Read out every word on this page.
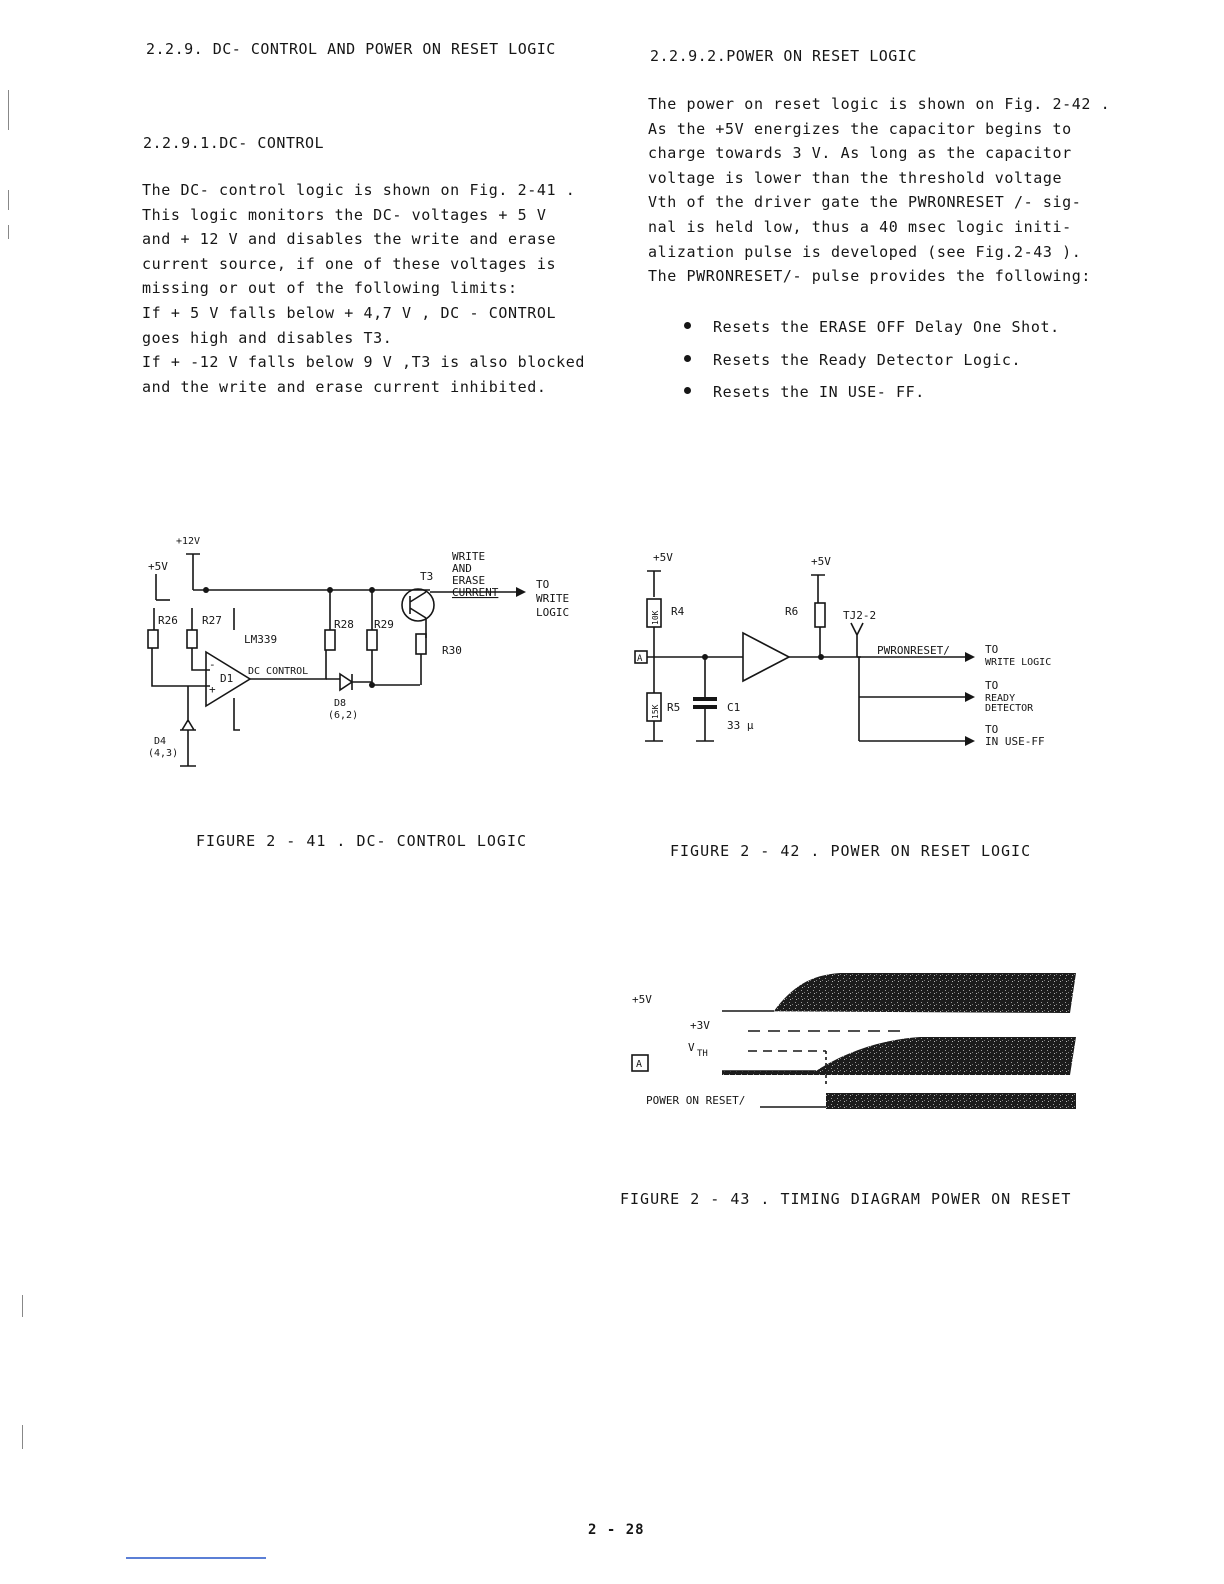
2.2.9. DC- CONTROL AND POWER ON RESET LOGIC
2.2.9.1.DC- CONTROL

The DC- control logic is shown on Fig. 2-41 .

This logic monitors the DC- voltages + 5 V

and + 12 V and disables the write and erase

current source, if one of these voltages is

missing or out of the following limits:

If + 5 V falls below + 4,7 V , DC - CONTROL

goes high and disables T3.

If + -12 V falls below 9 V ,T3 is also blocked

and the write and erase current inhibited.

2.2.9.2.POWER ON RESET LOGIC

The power on reset logic is shown on Fig. 2-42 .

As the +5V energizes the capacitor begins to

charge towards 3 V. As long as the capacitor

voltage is lower than the threshold voltage

Vth of the driver gate the PWRONRESET /- sig-

nal is held low, thus a 40 msec logic initi-

alization pulse is developed (see Fig.2-43 ).

The PWRONRESET/- pulse provides the following:

Resets the ERASE OFF Delay One Shot.
Resets the Ready Detector Logic.
Resets the IN USE- FF.
+12V
+5V
R26 R27
LM339
-
+
D1
DC CONTROL
R28 R29
D8
(6,2)
T3
WRITE
AND
ERASE
CURRENT
TO
WRITE
LOGIC
R30
D4
(4,3)
FIGURE 2 - 41 . DC- CONTROL LOGIC
+5V	+5V
10K R4
A
R6	TJ2-2
PWRONRESET/	TO
WRITE LOGIC
TO
READY
DETECTOR
TO
IN USE-FF
15K R5	C1
33 µ
FIGURE 2 - 42 . POWER ON RESET LOGIC
+5V
+3V
V TH
A
POWER ON RESET/
FIGURE 2 - 43 . TIMING DIAGRAM POWER ON RESET
2 - 28
